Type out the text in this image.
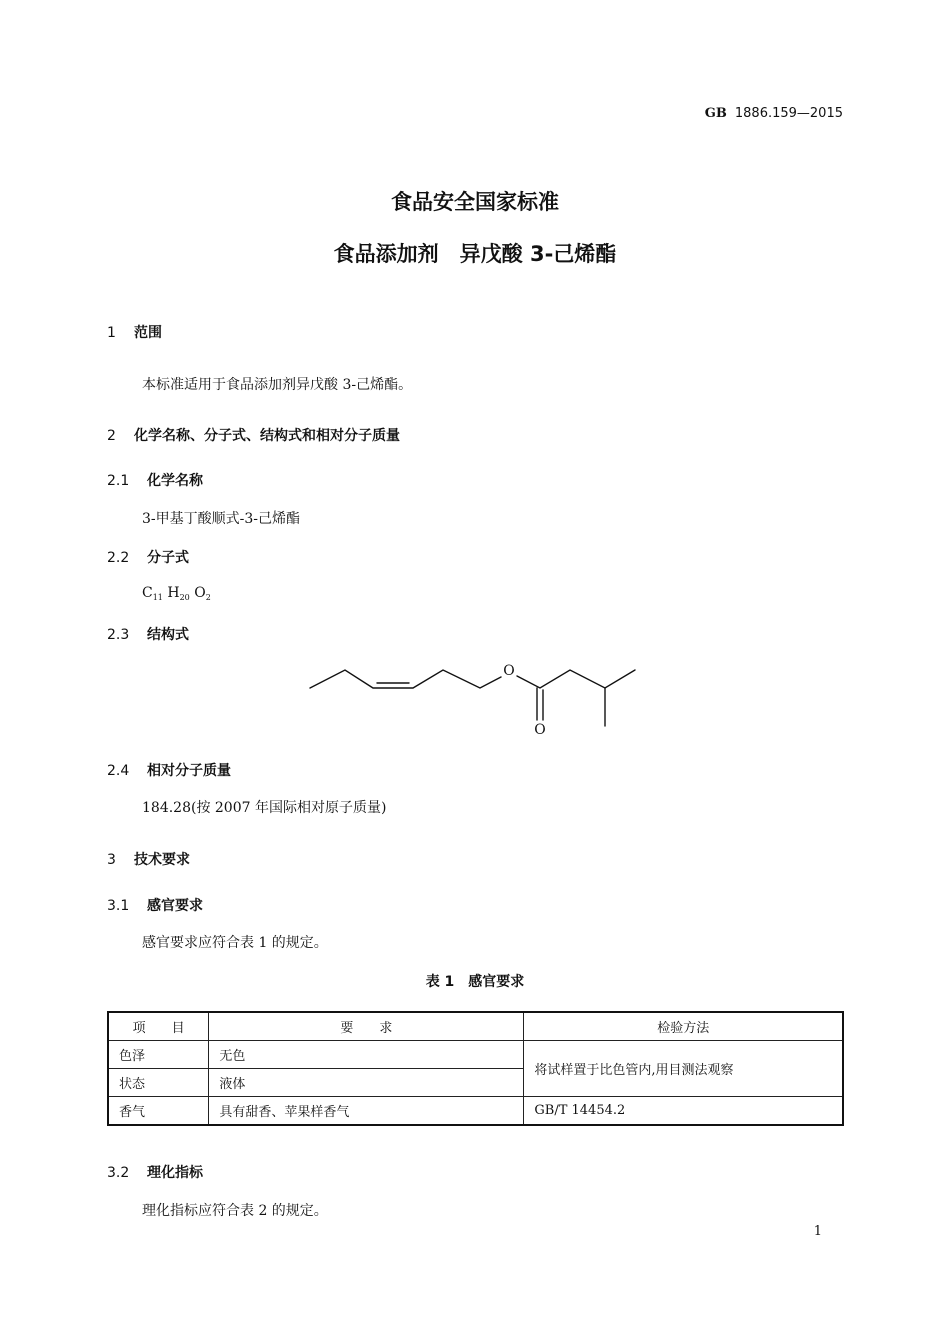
GB 1886.159—2015
食品安全国家标准
食品添加剂　异戊酸 3-己烯酯
1 范围
本标准适用于食品添加剂异戊酸 3-己烯酯。
2 化学名称、分子式、结构式和相对分子质量
2.1 化学名称
3-甲基丁酸顺式-3-己烯酯
2.2 分子式
$C_{11}$ $H_{20}$ $O_2$
2.3 结构式
O
O
2.4 相对分子质量
184.28(按 2007 年国际相对原子质量)
3 技术要求
3.1 感官要求
感官要求应符合表 1 的规定。
表 1　感官要求
项　　目	要　　求	检验方法
色泽	无色	将试样置于比色管内,用目测法观察
状态	液体	
香气	具有甜香、苹果样香气	GB/T 14454.2
3.2 理化指标
理化指标应符合表 2 的规定。
1
